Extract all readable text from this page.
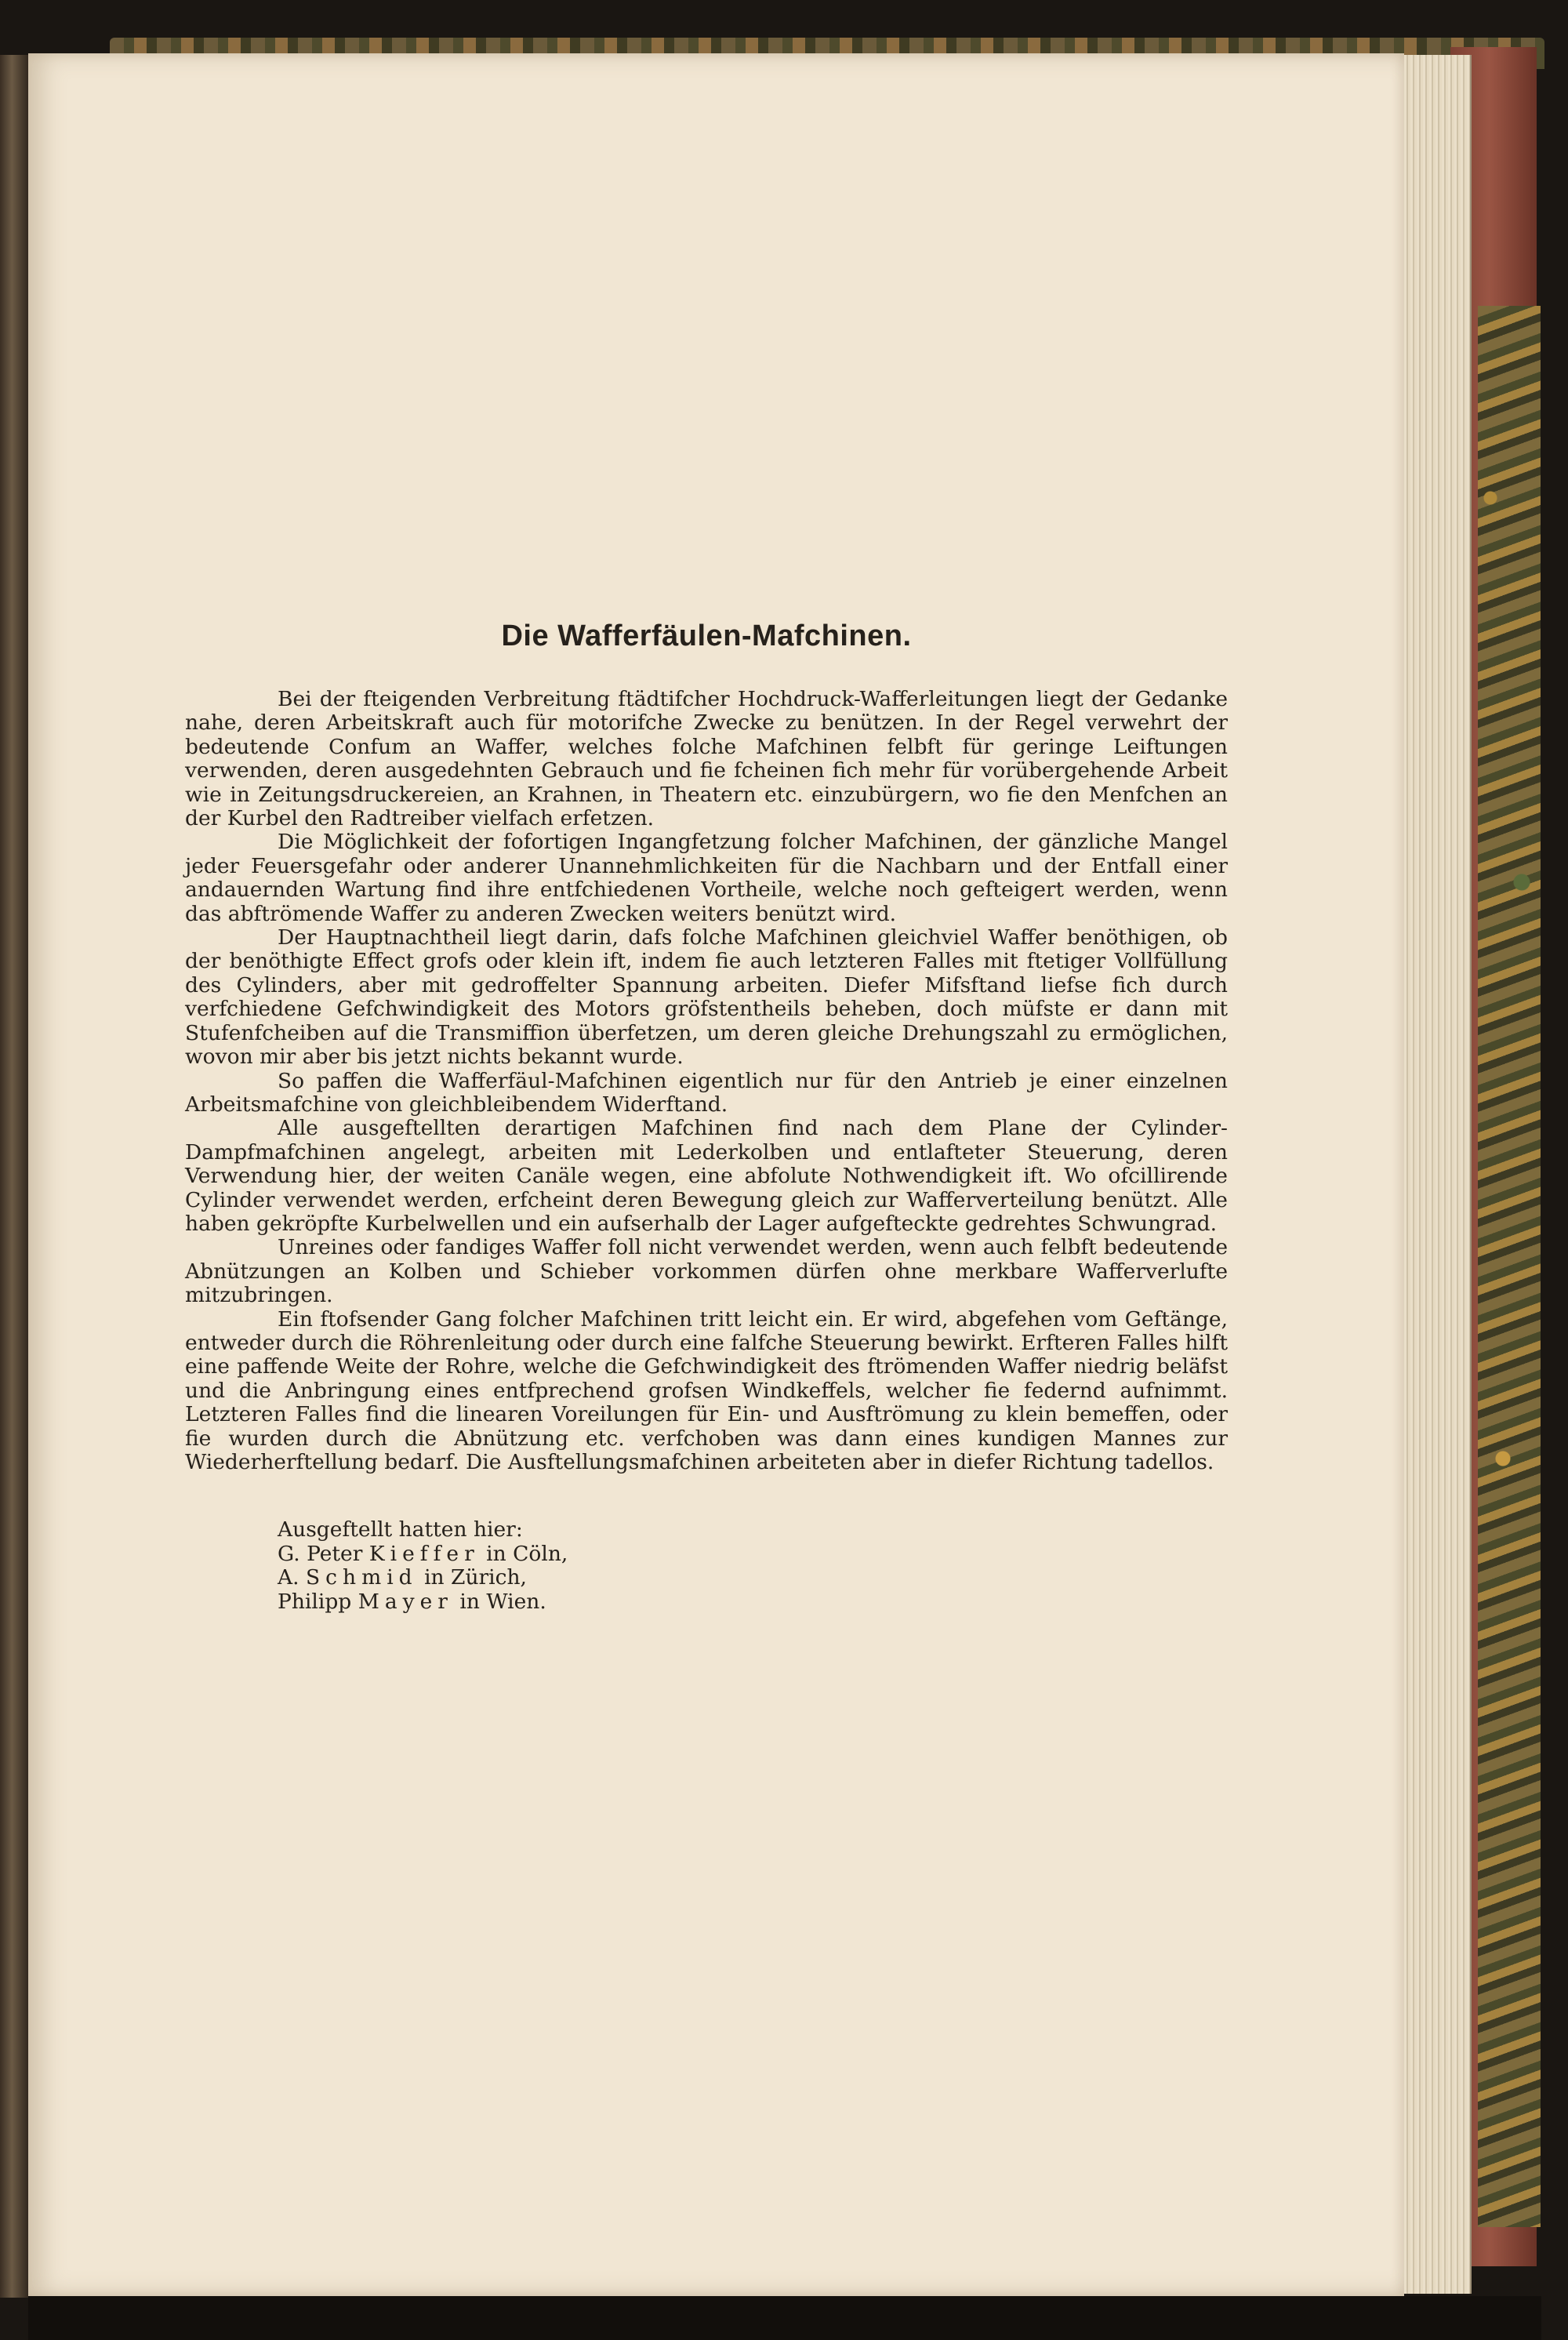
Die Wafferfäulen-Mafchinen.

Bei der fteigenden Verbreitung ftädtifcher Hochdruck-Wafferleitungen liegt der Gedanke nahe, deren Arbeitskraft auch für motorifche Zwecke zu benützen. In der Regel verwehrt der bedeutende Confum an Waffer, welches folche Mafchinen felbft für geringe Leiftungen verwenden, deren ausgedehnten Gebrauch und fie fcheinen fich mehr für vorübergehende Arbeit wie in Zeitungsdruckereien, an Krahnen, in Theatern etc. einzubürgern, wo fie den Menfchen an der Kurbel den Radtreiber vielfach erfetzen.

Die Möglichkeit der fofortigen Ingangfetzung folcher Mafchinen, der gänzliche Mangel jeder Feuersgefahr oder anderer Unannehmlichkeiten für die Nachbarn und der Entfall einer andauernden Wartung find ihre entfchiedenen Vortheile, welche noch gefteigert werden, wenn das abftrömende Waffer zu anderen Zwecken weiters benützt wird.

Der Hauptnachtheil liegt darin, dafs folche Mafchinen gleichviel Waffer benöthigen, ob der benöthigte Effect grofs oder klein ift, indem fie auch letzteren Falles mit ftetiger Vollfüllung des Cylinders, aber mit gedroffelter Spannung arbeiten. Diefer Mifsftand liefse fich durch verfchiedene Gefchwindigkeit des Motors gröfstentheils beheben, doch müfste er dann mit Stufenfcheiben auf die Transmiffion überfetzen, um deren gleiche Drehungszahl zu ermöglichen, wovon mir aber bis jetzt nichts bekannt wurde.

So paffen die Wafferfäul-Mafchinen eigentlich nur für den Antrieb je einer einzelnen Arbeitsmafchine von gleichbleibendem Widerftand.

Alle ausgeftellten derartigen Mafchinen find nach dem Plane der Cylinder-Dampfmafchinen angelegt, arbeiten mit Lederkolben und entlafteter Steuerung, deren Verwendung hier, der weiten Canäle wegen, eine abfolute Nothwendigkeit ift. Wo ofcillirende Cylinder verwendet werden, erfcheint deren Bewegung gleich zur Wafferverteilung benützt. Alle haben gekröpfte Kurbelwellen und ein aufserhalb der Lager aufgefteckte gedrehtes Schwungrad.

Unreines oder fandiges Waffer foll nicht verwendet werden, wenn auch felbft bedeutende Abnützungen an Kolben und Schieber vorkommen dürfen ohne merkbare Wafferverlufte mitzubringen.

Ein ftofsender Gang folcher Mafchinen tritt leicht ein. Er wird, abgefehen vom Geftänge, entweder durch die Röhrenleitung oder durch eine falfche Steuerung bewirkt. Erfteren Falles hilft eine paffende Weite der Rohre, welche die Gefchwindigkeit des ftrömenden Waffer niedrig beläfst und die Anbringung eines entfprechend grofsen Windkeffels, welcher fie federnd aufnimmt. Letzteren Falles find die linearen Voreilungen für Ein- und Ausftrömung zu klein bemeffen, oder fie wurden durch die Abnützung etc. verfchoben was dann eines kundigen Mannes zur Wiederherftellung bedarf. Die Ausftellungsmafchinen arbeiteten aber in diefer Richtung tadellos.

Ausgeftellt hatten hier:
G. Peter Kieffer in Cöln,
A. Schmid in Zürich,
Philipp Mayer in Wien.
